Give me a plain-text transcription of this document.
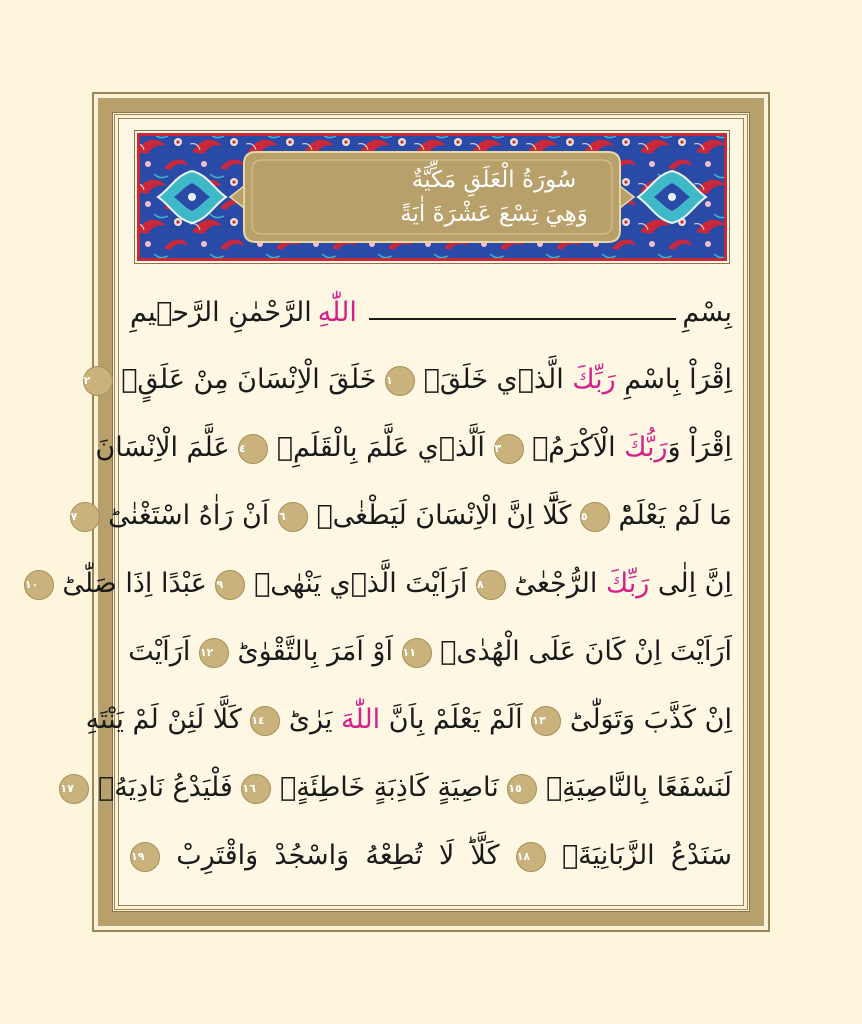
سُورَةُ الْعَلَقِ مَكِّيَّةٌ
وَهِيَ تِسْعَ عَشْرَةَ اٰيَةً
بِسْمِ
اللّٰهِ
الرَّحْمٰنِ الرَّح۪يمِ
اِقْرَاْ بِاسْمِ رَبِّكَ الَّذ۪ي خَلَقَۚ ١ خَلَقَ الْاِنْسَانَ مِنْ عَلَقٍۚ ٢
اِقْرَاْ وَرَبُّكَ الْاَكْرَمُۙ ٣ اَلَّذ۪ي عَلَّمَ بِالْقَلَمِۙ ٤ عَلَّمَ الْاِنْسَانَ
مَا لَمْ يَعْلَمْؕ ٥ كَلَّٓا اِنَّ الْاِنْسَانَ لَيَطْغٰىۙ ٦ اَنْ رَاٰهُ اسْتَغْنٰىؕ ٧
اِنَّ اِلٰى رَبِّكَ الرُّجْعٰىؕ ٨ اَرَاَيْتَ الَّذ۪ي يَنْهٰىۙ ٩ عَبْدًا اِذَا صَلّٰىؕ ١٠
اَرَاَيْتَ اِنْ كَانَ عَلَى الْهُدٰىۙ ١١ اَوْ اَمَرَ بِالتَّقْوٰىؕ ١٢ اَرَاَيْتَ
اِنْ كَذَّبَ وَتَوَلّٰىؕ ١٣ اَلَمْ يَعْلَمْ بِاَنَّ اللّٰهَ يَرٰىؕ ١٤ كَلَّا لَئِنْ لَمْ يَنْتَهِ
لَنَسْفَعًا بِالنَّاصِيَةِۙ ١٥ نَاصِيَةٍ كَاذِبَةٍ خَاطِئَةٍۚ ١٦ فَلْيَدْعُ نَادِيَهُۙ ١٧
سَنَدْعُ الزَّبَانِيَةَۙ ١٨ كَلَّاؕ لَا تُطِعْهُ وَاسْجُدْ وَاقْتَرِبْ ١٩
